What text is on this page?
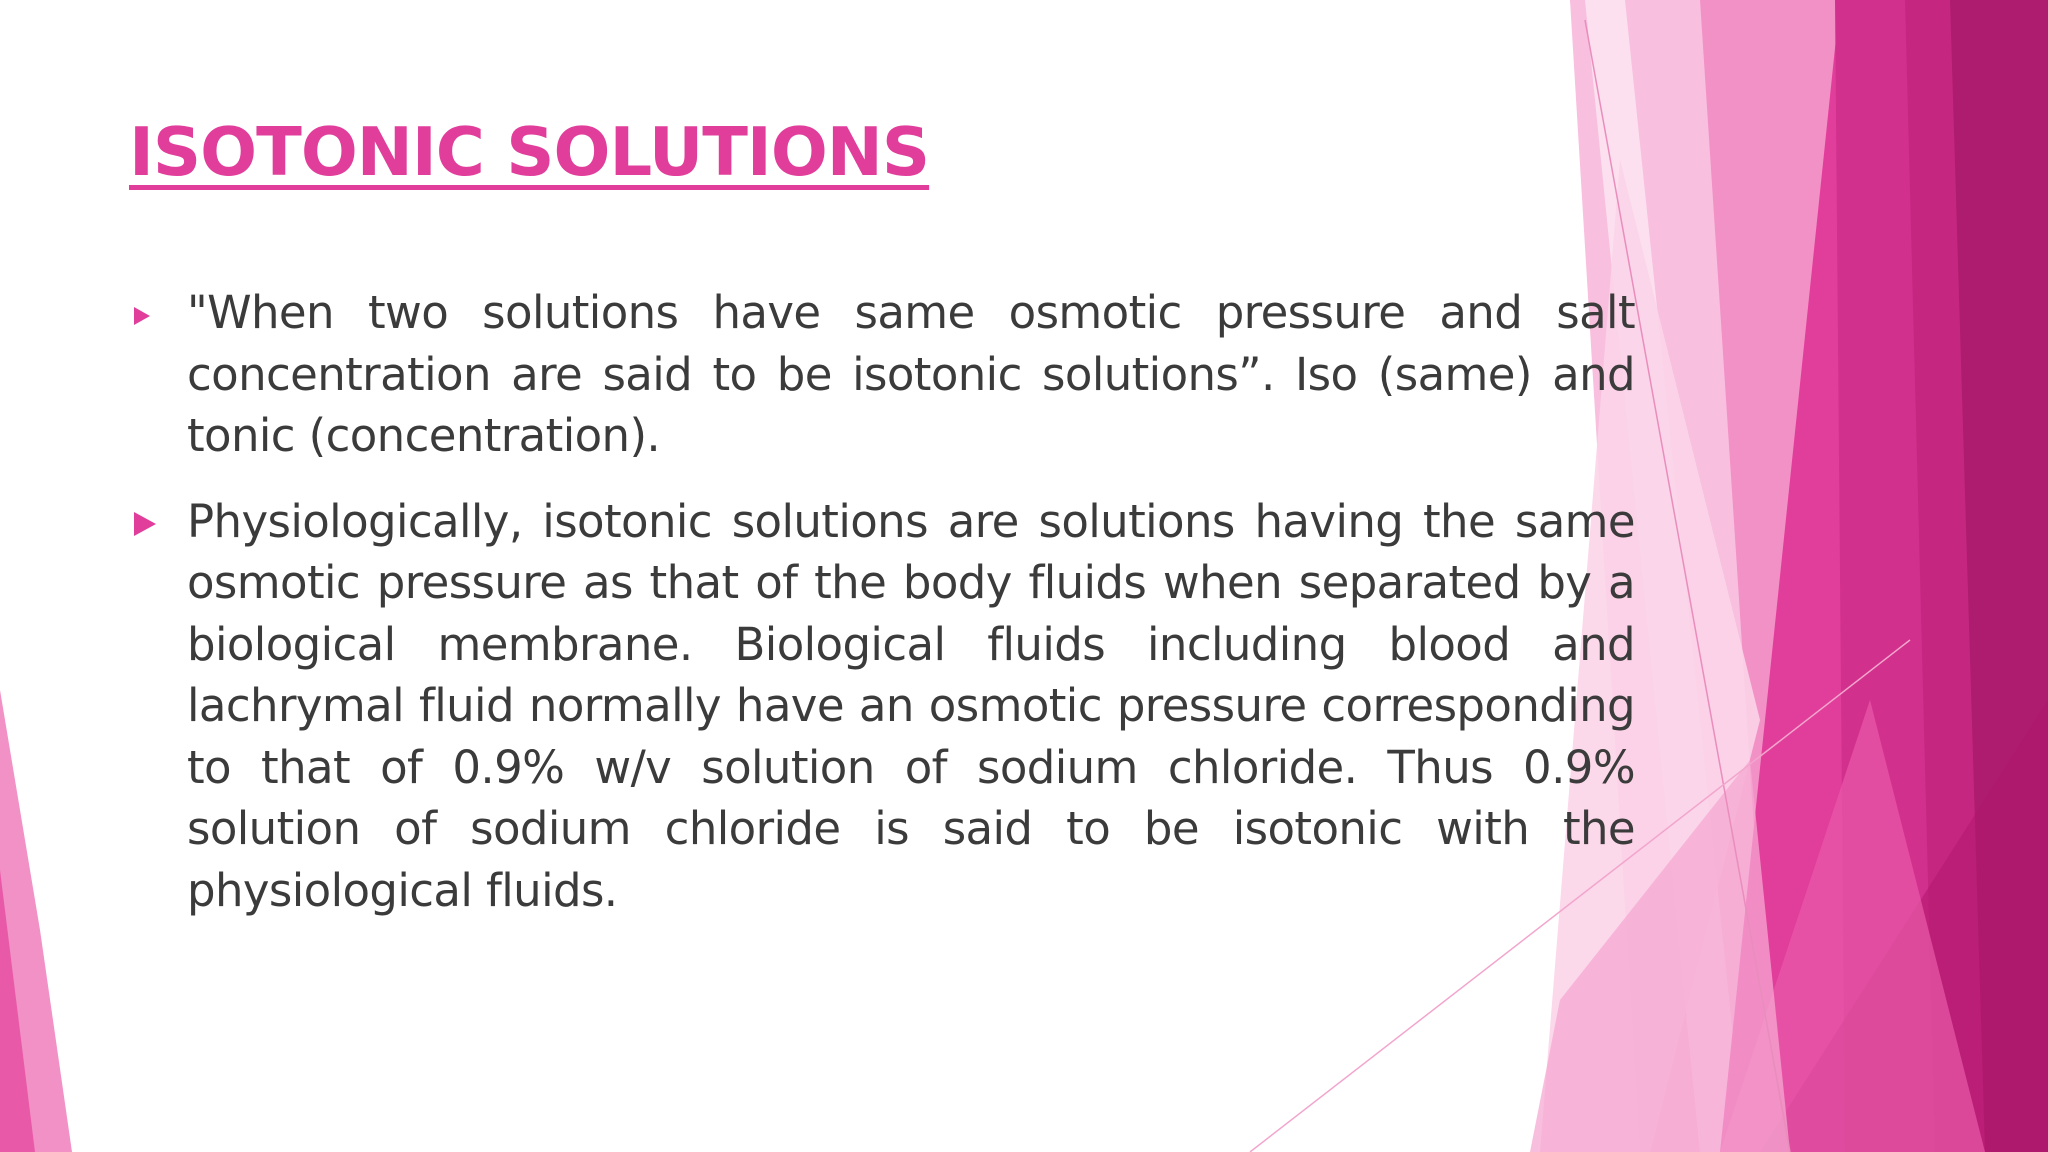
ISOTONIC SOLUTIONS

"When two solutions have same osmotic pressure and salt concentration are said to be isotonic solutions”. Iso (same) and tonic (concentration).

Physiologically, isotonic solutions are solutions having the same osmotic pressure as that of the body fluids when separated by a biological membrane. Biological fluids including blood and lachrymal fluid normally have an osmotic pressure corresponding to that of 0.9% w/v solution of sodium chloride. Thus 0.9% solution of sodium chloride is said to be isotonic with the physiological fluids.
